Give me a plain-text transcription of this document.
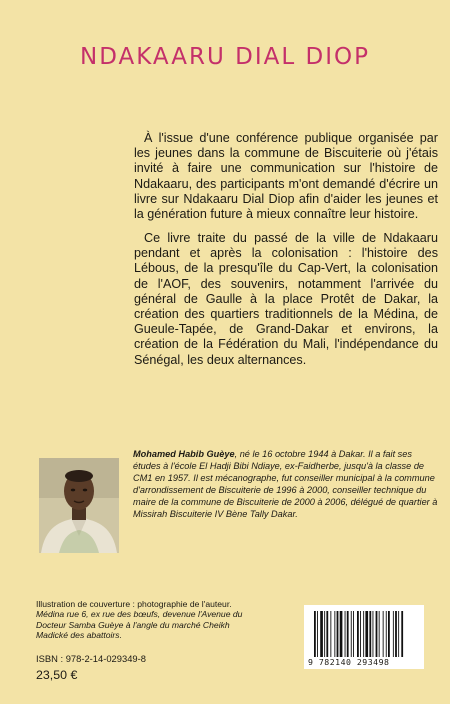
NDAKAARU DIAL DIOP

À l'issue d'une conférence publique organisée par les jeunes dans la commune de Biscuiterie où j'étais invité à faire une communication sur l'histoire de Ndakaaru, des participants m'ont demandé d'écrire un livre sur Ndakaaru Dial Diop afin d'aider les jeunes et la génération future à mieux connaître leur histoire.

Ce livre traite du passé de la ville de Ndakaaru pendant et après la colonisation : l'histoire des Lébous, de la presqu'île du Cap-Vert, la colonisation de l'AOF, des souvenirs, notamment l'arrivée du général de Gaulle à la place Protêt de Dakar, la création des quartiers traditionnels de la Médina, de Gueule-Tapée, de Grand-Dakar et environs, la création de la Fédération du Mali, l'indépendance du Sénégal, les deux alternances.

Mohamed Habib Guèye, né le 16 octobre 1944 à Dakar. Il a fait ses études à l'école El Hadji Bibi Ndiaye, ex-Faidherbe, jusqu'à la classe de CM1 en 1957. Il est mécanographe, fut conseiller municipal à la commune d'arrondissement de Biscuiterie de 1996 à 2000, conseiller technique du maire de la commune de Biscuiterie de 2000 à 2006, délégué de quartier à Missirah Biscuiterie IV Bène Tally Dakar.

Illustration de couverture : photographie de l'auteur.
Médina rue 6, ex rue des bœufs, devenue l'Avenue du Docteur Samba Guèye à l'angle du marché Cheikh Madické des abattoirs.

ISBN : 978-2-14-029349-8
23,50 €
9 782140 293498
